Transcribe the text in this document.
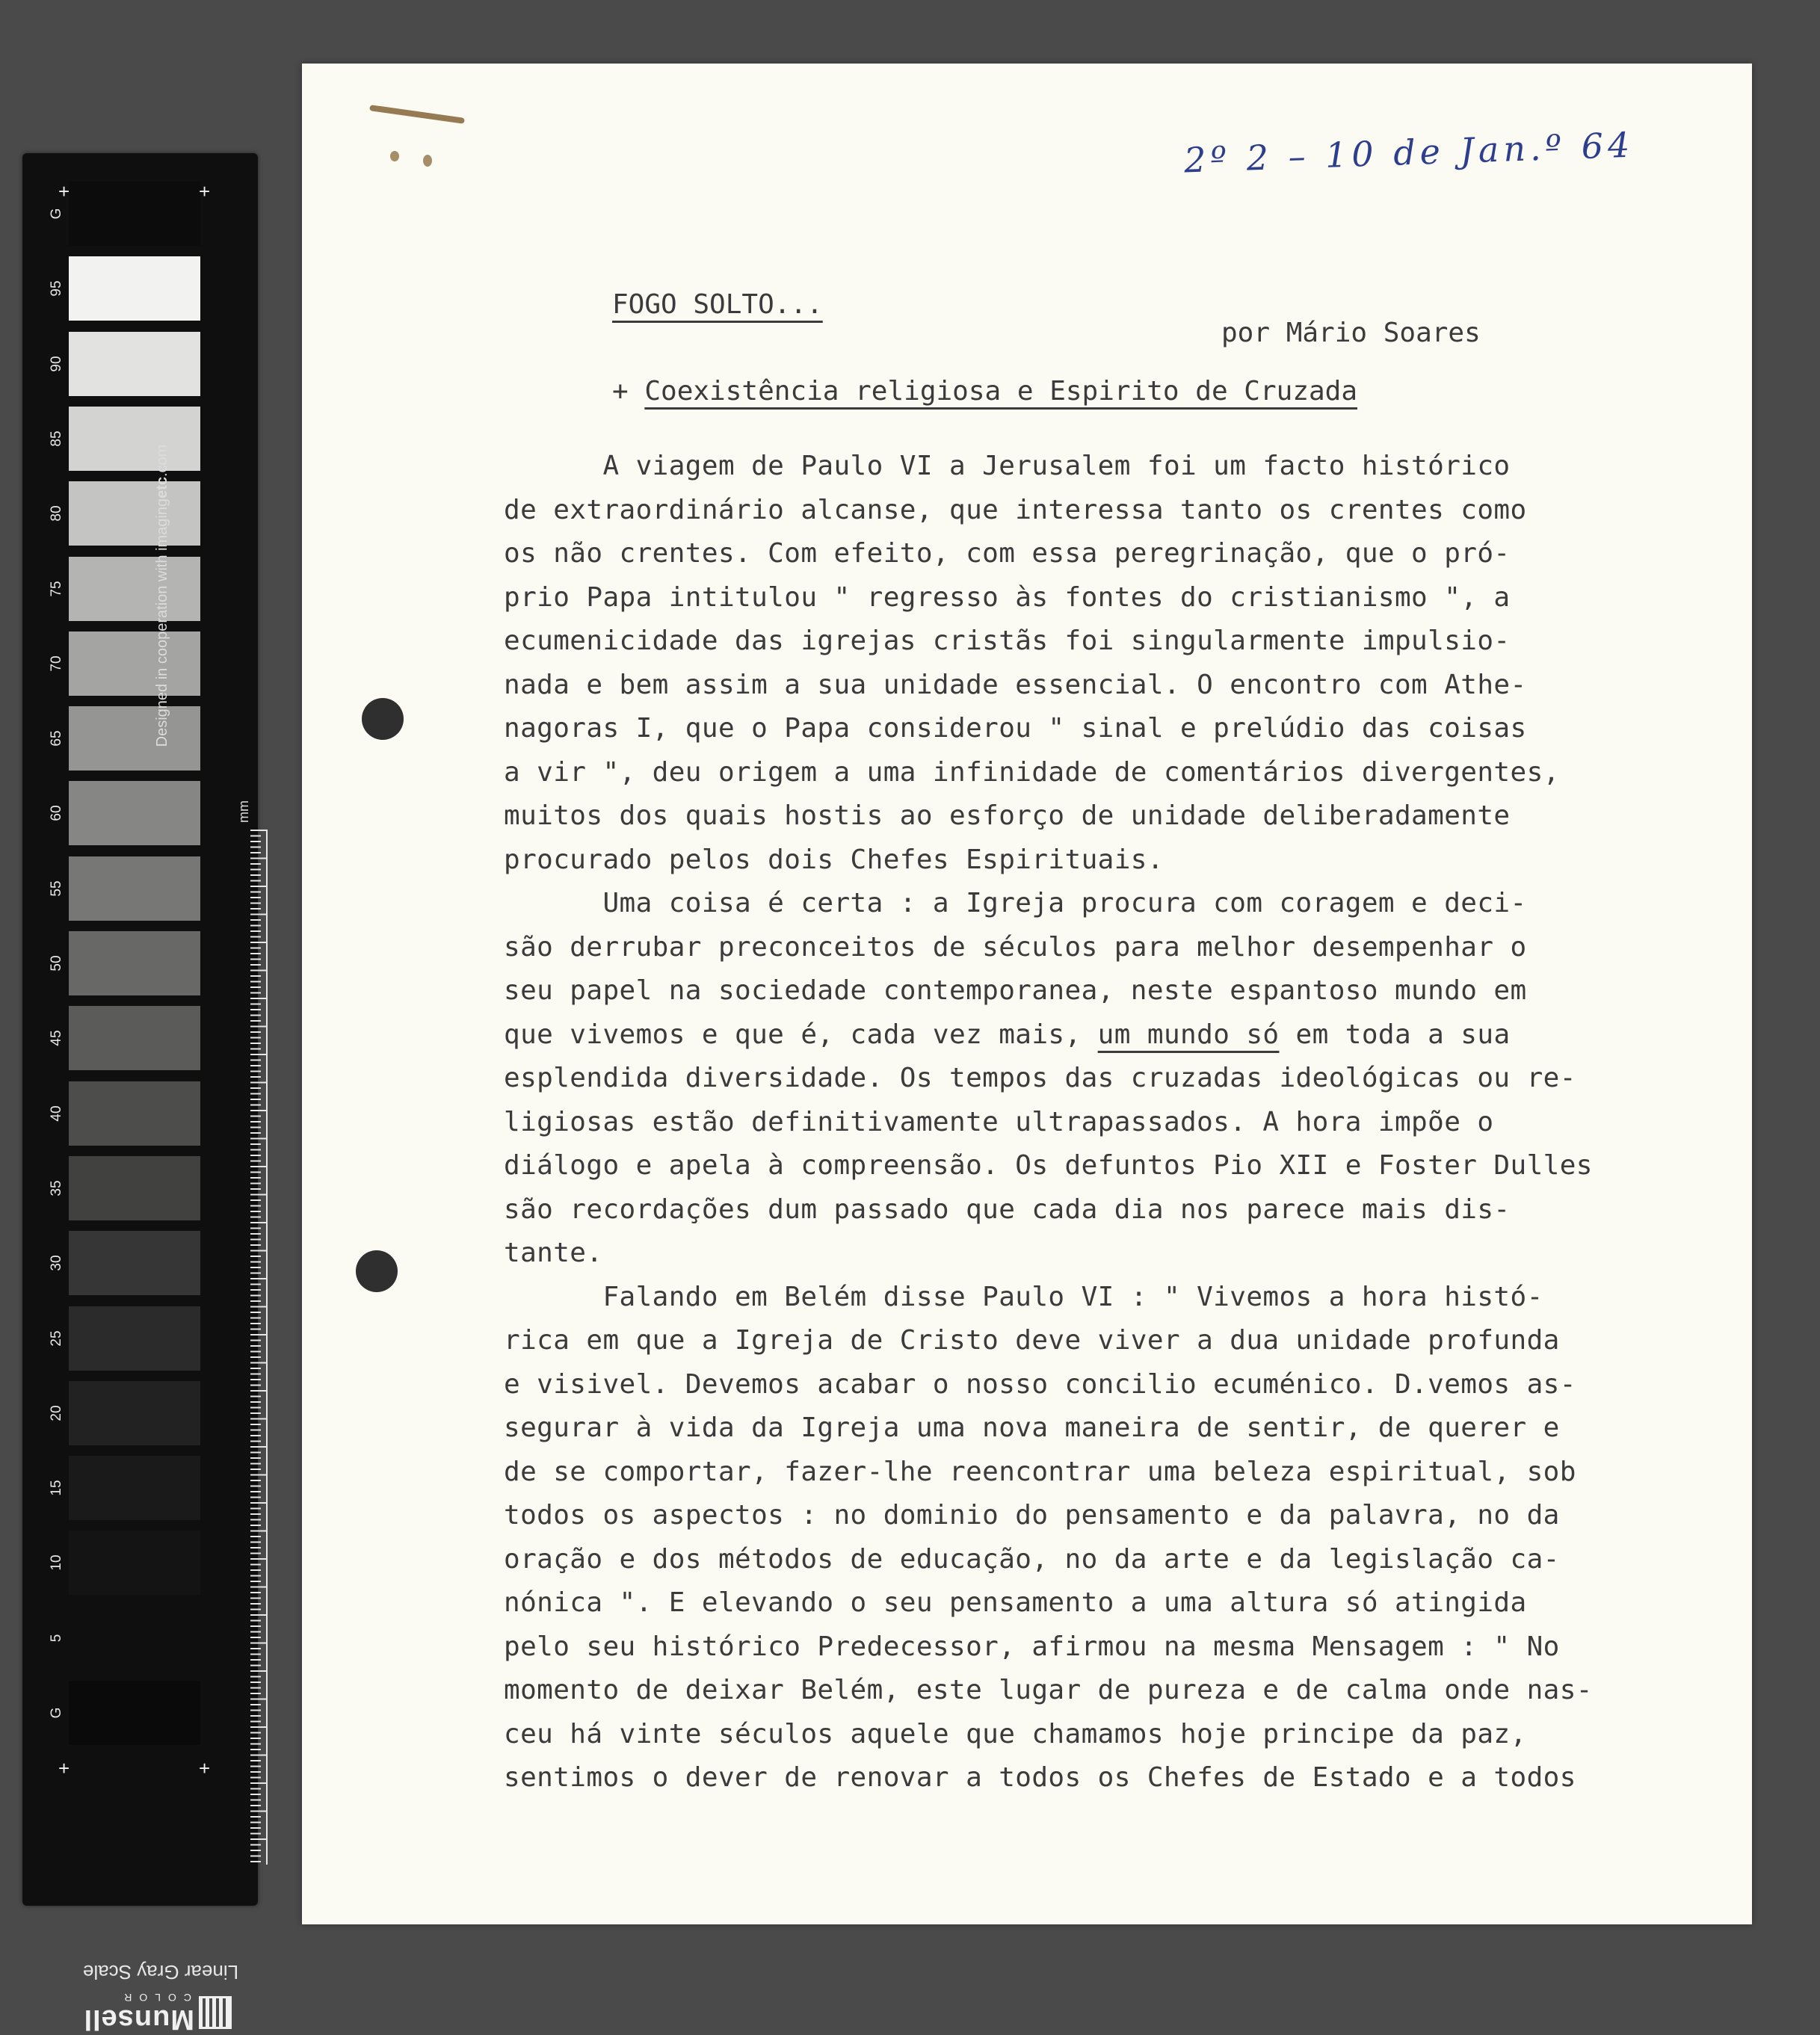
G
95
90
85
80
75
70
65
60
55
50
45
40
35
30
25
20
15
10
5
G
Designed in cooperation with imagingetc.com
mm
+	+
+	+
Linear Gray Scale
Munsell
COLOR
2º 2 – 10 de Jan.º 64
FOGO SOLTO...
por Mário Soares
+ Coexistência religiosa e Espirito de Cruzada
A viagem de Paulo VI a Jerusalem foi um facto histórico
de extraordinário alcanse, que interessa tanto os crentes como
os não crentes. Com efeito, com essa peregrinação, que o pró-
prio Papa intitulou " regresso às fontes do cristianismo ", a
ecumenicidade das igrejas cristãs foi singularmente impulsio-
nada e bem assim a sua unidade essencial. O encontro com Athe-
nagoras I, que o Papa considerou " sinal e prelúdio das coisas
a vir ", deu origem a uma infinidade de comentários divergentes,
muitos dos quais hostis ao esforço de unidade deliberadamente
procurado pelos dois Chefes Espirituais.
Uma coisa é certa : a Igreja procura com coragem e deci-
são derrubar preconceitos de séculos para melhor desempenhar o
seu papel na sociedade contemporanea, neste espantoso mundo em
que vivemos e que é, cada vez mais, um mundo só em toda a sua
esplendida diversidade. Os tempos das cruzadas ideológicas ou re-
ligiosas estão definitivamente ultrapassados. A hora impõe o
diálogo e apela à compreensão. Os defuntos Pio XII e Foster Dulles
são recordações dum passado que cada dia nos parece mais dis-
tante.
Falando em Belém disse Paulo VI : " Vivemos a hora histó-
rica em que a Igreja de Cristo deve viver a dua unidade profunda
e visivel. Devemos acabar o nosso concilio ecuménico. D.vemos as-
segurar à vida da Igreja uma nova maneira de sentir, de querer e
de se comportar, fazer-lhe reencontrar uma beleza espiritual, sob
todos os aspectos : no dominio do pensamento e da palavra, no da
oração e dos métodos de educação, no da arte e da legislação ca-
nónica ". E elevando o seu pensamento a uma altura só atingida
pelo seu histórico Predecessor, afirmou na mesma Mensagem : " No
momento de deixar Belém, este lugar de pureza e de calma onde nas-
ceu há vinte séculos aquele que chamamos hoje principe da paz,
sentimos o dever de renovar a todos os Chefes de Estado e a todos
